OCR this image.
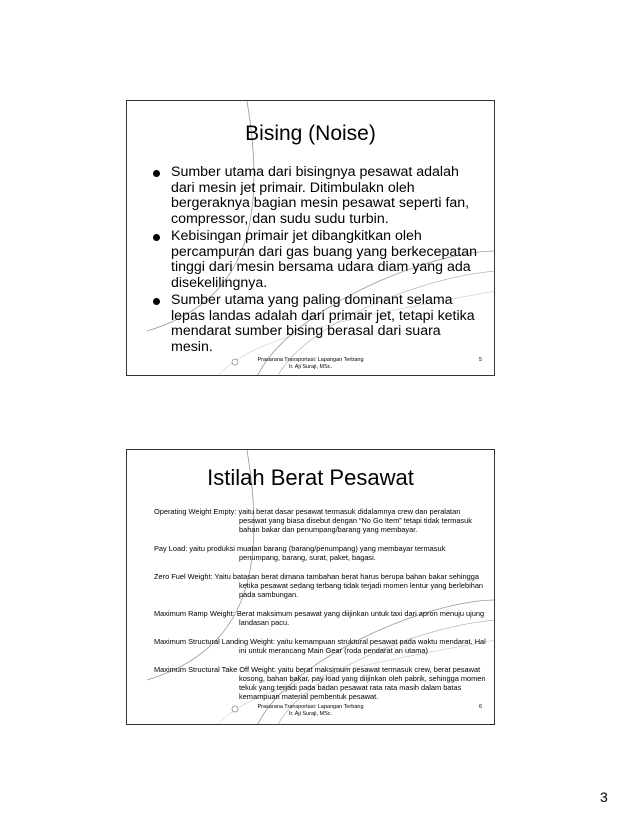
Bising (Noise)
Sumber utama dari bisingnya pesawat adalah
dari mesin jet primair. Ditimbulakn oleh
bergeraknya bagian mesin pesawat seperti fan,
compressor, dan sudu sudu turbin.
Kebisingan primair jet dibangkitkan oleh
percampuran dari gas buang yang berkecepatan
tinggi dari mesin bersama udara diam yang ada
disekelilingnya.
Sumber utama yang paling dominant selama
lepas landas adalah dari primair jet, tetapi ketika
mendarat sumber bising berasal dari suara
mesin.
Prasarana Transportasi: Lapangan Terbang
Ir. Aji Suraji, MSc.
5
Istilah Berat Pesawat
Operating Weight Empty: yaitu berat dasar pesawat termasuk didalamnya crew dan peralatan
pesawat yang biasa disebut dengan “No Go Item” tetapi tidak termasuk
bahan bakar dan penumpang/barang yang membayar.
Pay Load: yaitu produksi muatan barang (barang/penumpang) yang membayar termasuk
penumpang, barang, surat, paket, bagasi.
Zero Fuel Weight: Yaitu batasan berat dimana tambahan berat harus berupa bahan bakar sehingga
ketika pesawat sedang terbang tidak terjadi momen lentur yang berlebihan
pada sambungan.
Maximum Ramp Weight: Berat maksimum pesawat yang diijinkan untuk taxi dari apron menuju ujung
landasan pacu.
Maximum Structural Landing Weight: yaitu kemampuan struktural pesawat pada waktu mendarat. Hal
ini untuk merancang Main Gear (roda pendarat an utama)
Maximum Structural Take Off Weight: yaitu berat maksimum pesawat termasuk crew, berat pesawat
kosong, bahan bakar, pay load yang diijinkan oleh pabrik, sehingga momen
tekuk yang terjadi pada badan pesawat rata rata masih dalam batas
kemampuan material pembentuk pesawat.
Prasarana Transportasi: Lapangan Terbang
Ir. Aji Suraji, MSc.
6
3
